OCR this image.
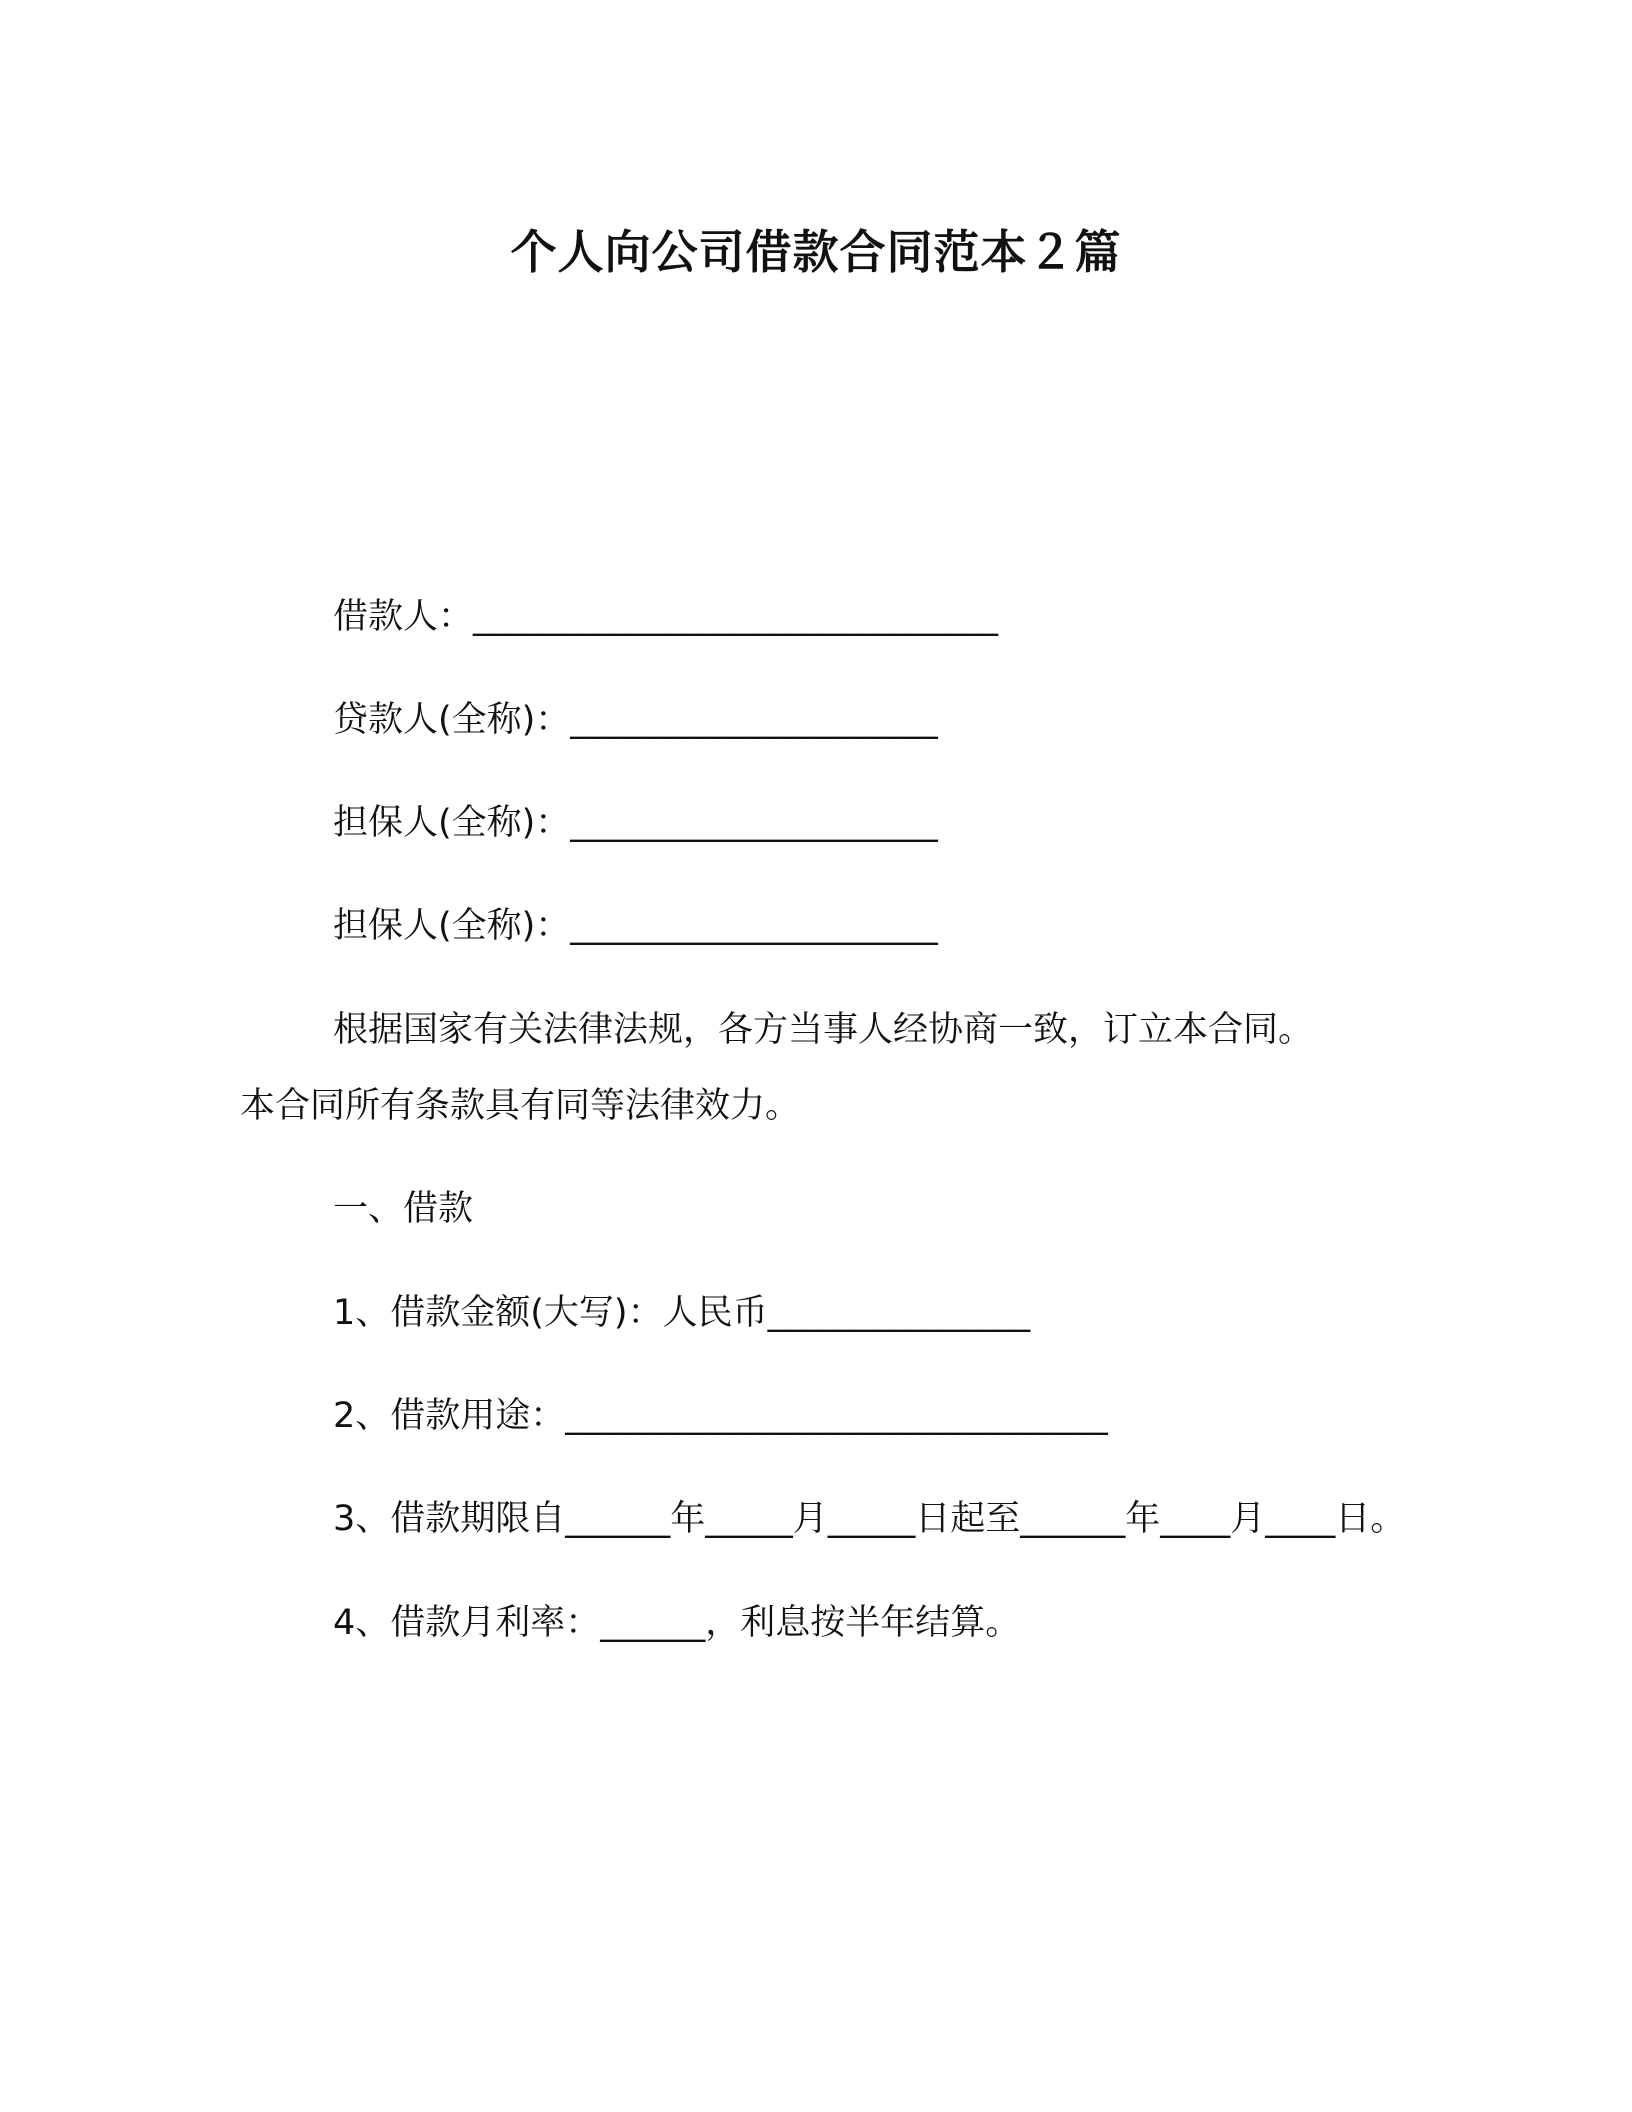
个人向公司借款合同范本２篇
借款人：______________________________
贷款人(全称)：_____________________
担保人(全称)：_____________________
担保人(全称)：_____________________
根据国家有关法律法规，各方当事人经协商一致，订立本合同。
本合同所有条款具有同等法律效力。
一、借款
1、借款金额(大写)：人民币_______________
2、借款用途：_______________________________
3、借款期限自______年_____月_____日起至______年____月____日。
4、借款月利率：______，利息按半年结算。
